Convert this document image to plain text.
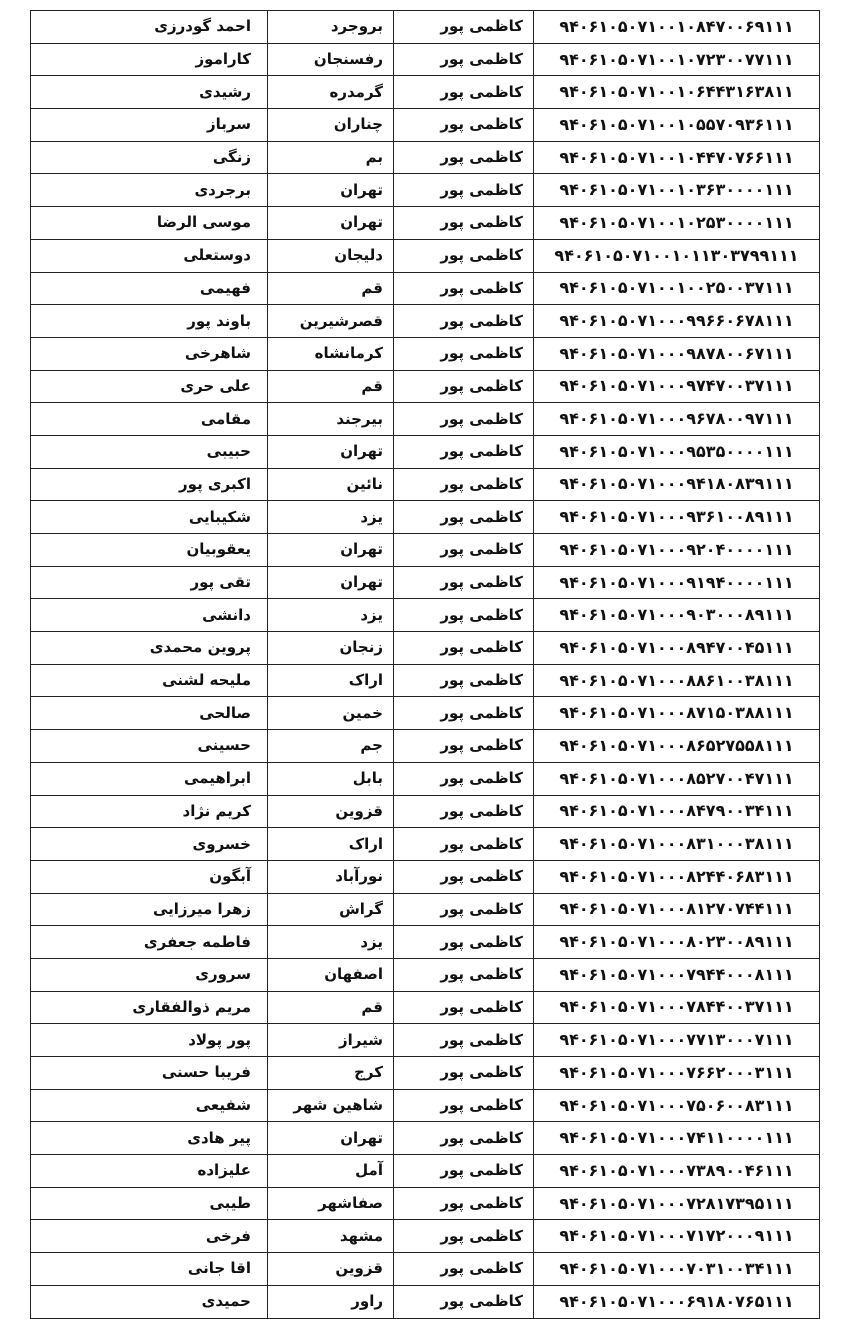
۹۴۰۶۱۰۵۰۷۱۰۰۱۰۸۴۷۰۰۶۹۱۱۱	کاظمی پور	بروجرد	احمد گودرزی
۹۴۰۶۱۰۵۰۷۱۰۰۱۰۷۲۳۰۰۷۷۱۱۱	کاظمی پور	رفسنجان	کاراموز
۹۴۰۶۱۰۵۰۷۱۰۰۱۰۶۴۴۳۱۶۳۸۱۱	کاظمی پور	گرمدره	رشیدی
۹۴۰۶۱۰۵۰۷۱۰۰۱۰۵۵۷۰۹۳۶۱۱۱	کاظمی پور	چناران	سرباز
۹۴۰۶۱۰۵۰۷۱۰۰۱۰۴۴۷۰۷۶۶۱۱۱	کاظمی پور	بم	زنگی
۹۴۰۶۱۰۵۰۷۱۰۰۱۰۳۶۳۰۰۰۰۱۱۱	کاظمی پور	تهران	برجردی
۹۴۰۶۱۰۵۰۷۱۰۰۱۰۲۵۳۰۰۰۰۱۱۱	کاظمی پور	تهران	موسی الرضا
۹۴۰۶۱۰۵۰۷۱۰۰۱۰۱۱۳۰۳۷۹۹۱۱۱	کاظمی پور	دلیجان	دوستعلی
۹۴۰۶۱۰۵۰۷۱۰۰۱۰۰۲۵۰۰۳۷۱۱۱	کاظمی پور	قم	فهیمی
۹۴۰۶۱۰۵۰۷۱۰۰۰۹۹۶۶۰۶۷۸۱۱۱	کاظمی پور	قصرشیرین	باوند پور
۹۴۰۶۱۰۵۰۷۱۰۰۰۹۸۷۸۰۰۶۷۱۱۱	کاظمی پور	کرمانشاه	شاهرخی
۹۴۰۶۱۰۵۰۷۱۰۰۰۹۷۴۷۰۰۳۷۱۱۱	کاظمی پور	قم	علی حری
۹۴۰۶۱۰۵۰۷۱۰۰۰۹۶۷۸۰۰۹۷۱۱۱	کاظمی پور	بیرجند	مقامی
۹۴۰۶۱۰۵۰۷۱۰۰۰۹۵۳۵۰۰۰۰۱۱۱	کاظمی پور	تهران	حبیبی
۹۴۰۶۱۰۵۰۷۱۰۰۰۹۴۱۸۰۸۳۹۱۱۱	کاظمی پور	نائین	اکبری پور
۹۴۰۶۱۰۵۰۷۱۰۰۰۹۳۶۱۰۰۸۹۱۱۱	کاظمی پور	یزد	شکیبایی
۹۴۰۶۱۰۵۰۷۱۰۰۰۹۲۰۴۰۰۰۰۱۱۱	کاظمی پور	تهران	یعقوبیان
۹۴۰۶۱۰۵۰۷۱۰۰۰۹۱۹۴۰۰۰۰۱۱۱	کاظمی پور	تهران	تقی پور
۹۴۰۶۱۰۵۰۷۱۰۰۰۹۰۳۰۰۰۸۹۱۱۱	کاظمی پور	یزد	دانشی
۹۴۰۶۱۰۵۰۷۱۰۰۰۸۹۴۷۰۰۴۵۱۱۱	کاظمی پور	زنجان	پروین محمدی
۹۴۰۶۱۰۵۰۷۱۰۰۰۸۸۶۱۰۰۳۸۱۱۱	کاظمی پور	اراک	ملیحه لشنی
۹۴۰۶۱۰۵۰۷۱۰۰۰۸۷۱۵۰۳۸۸۱۱۱	کاظمی پور	خمین	صالحی
۹۴۰۶۱۰۵۰۷۱۰۰۰۸۶۵۲۷۵۵۸۱۱۱	کاظمی پور	جم	حسینی
۹۴۰۶۱۰۵۰۷۱۰۰۰۸۵۲۷۰۰۴۷۱۱۱	کاظمی پور	بابل	ابراهیمی
۹۴۰۶۱۰۵۰۷۱۰۰۰۸۴۷۹۰۰۳۴۱۱۱	کاظمی پور	قزوین	کریم نژاد
۹۴۰۶۱۰۵۰۷۱۰۰۰۸۳۱۰۰۰۳۸۱۱۱	کاظمی پور	اراک	خسروی
۹۴۰۶۱۰۵۰۷۱۰۰۰۸۲۴۴۰۶۸۳۱۱۱	کاظمی پور	نورآباد	آبگون
۹۴۰۶۱۰۵۰۷۱۰۰۰۸۱۲۷۰۷۴۴۱۱۱	کاظمی پور	گراش	زهرا میرزایی
۹۴۰۶۱۰۵۰۷۱۰۰۰۸۰۲۳۰۰۸۹۱۱۱	کاظمی پور	یزد	فاطمه جعفری
۹۴۰۶۱۰۵۰۷۱۰۰۰۷۹۴۴۰۰۰۸۱۱۱	کاظمی پور	اصفهان	سروری
۹۴۰۶۱۰۵۰۷۱۰۰۰۷۸۴۴۰۰۳۷۱۱۱	کاظمی پور	قم	مریم ذوالفقاری
۹۴۰۶۱۰۵۰۷۱۰۰۰۷۷۱۳۰۰۰۷۱۱۱	کاظمی پور	شیراز	پور پولاد
۹۴۰۶۱۰۵۰۷۱۰۰۰۷۶۶۲۰۰۰۳۱۱۱	کاظمی پور	کرج	فریبا حسنی
۹۴۰۶۱۰۵۰۷۱۰۰۰۷۵۰۶۰۰۸۳۱۱۱	کاظمی پور	شاهین شهر	شفیعی
۹۴۰۶۱۰۵۰۷۱۰۰۰۷۴۱۱۰۰۰۰۱۱۱	کاظمی پور	تهران	پیر هادی
۹۴۰۶۱۰۵۰۷۱۰۰۰۷۳۸۹۰۰۴۶۱۱۱	کاظمی پور	آمل	علیزاده
۹۴۰۶۱۰۵۰۷۱۰۰۰۷۲۸۱۷۳۹۵۱۱۱	کاظمی پور	صفاشهر	طیبی
۹۴۰۶۱۰۵۰۷۱۰۰۰۷۱۷۲۰۰۰۹۱۱۱	کاظمی پور	مشهد	فرخی
۹۴۰۶۱۰۵۰۷۱۰۰۰۷۰۳۱۰۰۳۴۱۱۱	کاظمی پور	قزوین	اقا جانی
۹۴۰۶۱۰۵۰۷۱۰۰۰۶۹۱۸۰۷۶۵۱۱۱	کاظمی پور	راور	حمیدی
